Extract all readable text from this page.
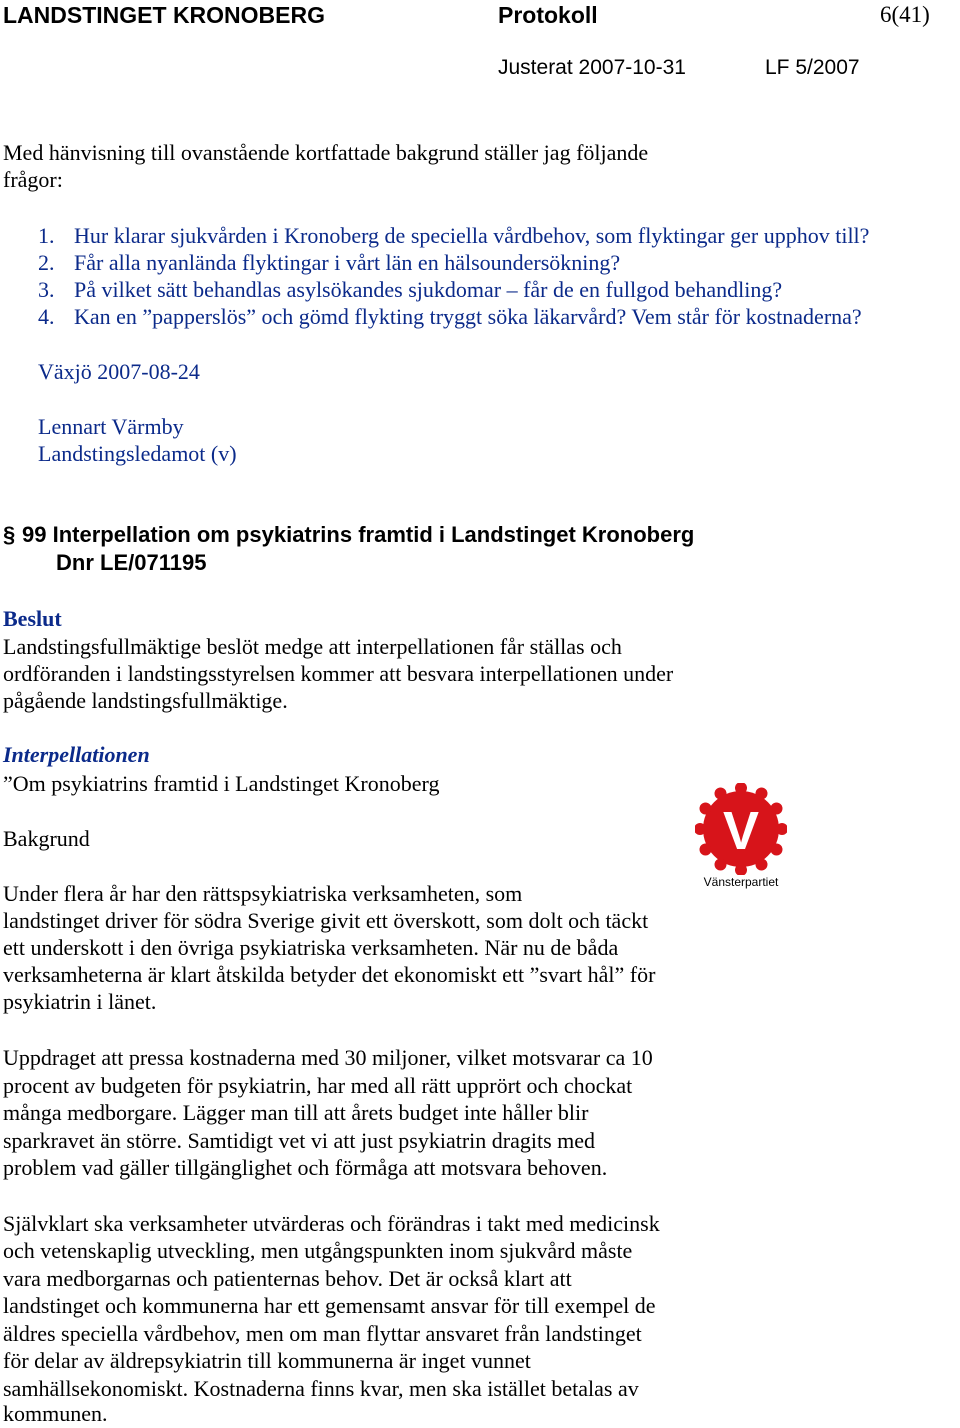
LANDSTINGET KRONOBERG	Protokoll	6(41)
Justerat 2007-10-31	LF 5/2007
Med hänvisning till ovanstående kortfattade bakgrund ställer jag följande
frågor:
1. Hur klarar sjukvården i Kronoberg de speciella vårdbehov, som flyktingar ger upphov till?
2. Får alla nyanlända flyktingar i vårt län en hälsoundersökning?
3. På vilket sätt behandlas asylsökandes sjukdomar – får de en fullgod behandling?
4. Kan en ”papperslös” och gömd flykting tryggt söka läkarvård? Vem står för kostnaderna?
Växjö 2007-08-24
Lennart Värmby
Landstingsledamot (v)
§ 99 Interpellation om psykiatrins framtid i Landstinget Kronoberg
Dnr LE/071195
Beslut
Landstingsfullmäktige beslöt medge att interpellationen får ställas och
ordföranden i landstingsstyrelsen kommer att besvara interpellationen under
pågående landstingsfullmäktige.
Interpellationen
”Om psykiatrins framtid i Landstinget Kronoberg
Bakgrund	V
Vänsterpartiet
Under flera år har den rättspsykiatriska verksamheten, som
landstinget driver för södra Sverige givit ett överskott, som dolt och täckt
ett underskott i den övriga psykiatriska verksamheten. När nu de båda
verksamheterna är klart åtskilda betyder det ekonomiskt ett ”svart hål” för
psykiatrin i länet.
Uppdraget att pressa kostnaderna med 30 miljoner, vilket motsvarar ca 10
procent av budgeten för psykiatrin, har med all rätt upprört och chockat
många medborgare. Lägger man till att årets budget inte håller blir
sparkravet än större. Samtidigt vet vi att just psykiatrin dragits med
problem vad gäller tillgänglighet och förmåga att motsvara behoven.
Självklart ska verksamheter utvärderas och förändras i takt med medicinsk
och vetenskaplig utveckling, men utgångspunkten inom sjukvård måste
vara medborgarnas och patienternas behov. Det är också klart att
landstinget och kommunerna har ett gemensamt ansvar för till exempel de
äldres speciella vårdbehov, men om man flyttar ansvaret från landstinget
för delar av äldrepsykiatrin till kommunerna är inget vunnet
samhällsekonomiskt. Kostnaderna finns kvar, men ska istället betalas av
kommunen.
